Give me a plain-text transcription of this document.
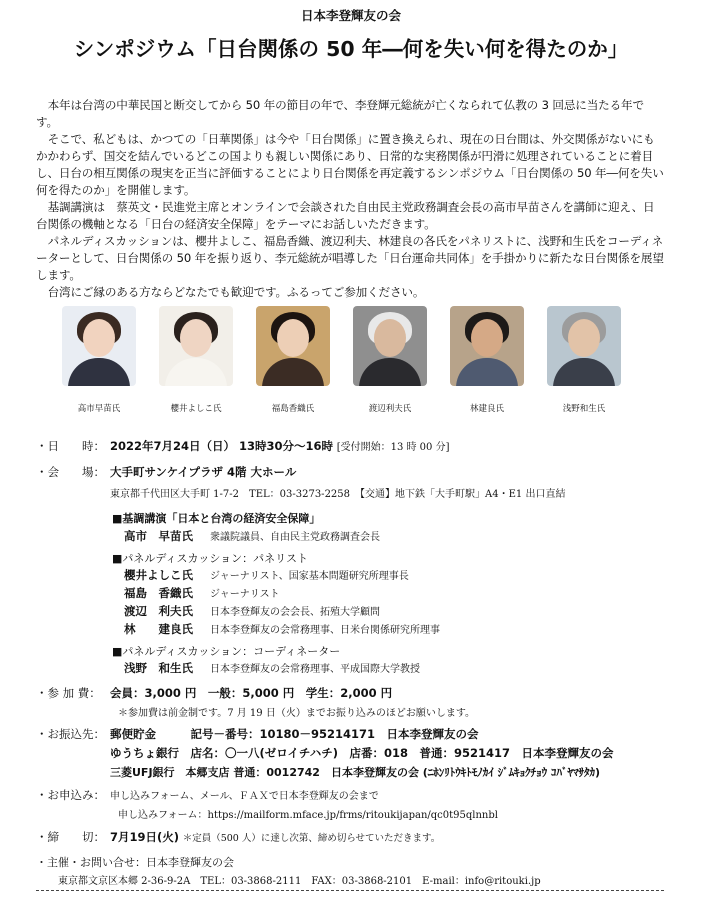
日本李登輝友の会
シンポジウム「日台関係の 50 年―何を失い何を得たのか」

本年は台湾の中華民国と断交してから 50 年の節目の年で、李登輝元総統が亡くなられて仏教の 3 回忌に当たる年です。

そこで、私どもは、かつての「日華関係」は今や「日台関係」に置き換えられ、現在の日台間は、外交関係がないにもかかわらず、国交を結んでいるどこの国よりも親しい関係にあり、日常的な実務関係が円滑に処理されていることに着目し、日台の相互関係の現実を正当に評価することにより日台関係を再定義するシンポジウム「日台関係の 50 年―何を失い何を得たのか」を開催します。

基調講演は　蔡英文・民進党主席とオンラインで会談された自由民主党政務調査会長の高市早苗さんを講師に迎え、日台関係の機軸となる「日台の経済安全保障」をテーマにお話しいただきます。

パネルディスカッションは、櫻井よしこ、福島香織、渡辺利夫、林建良の各氏をパネリストに、浅野和生氏をコーディネーターとして、日台関係の 50 年を振り返り、李元総統が唱導した「日台運命共同体」を手掛かりに新たな日台関係を展望します。

台湾にご縁のある方ならどなたでも歓迎です。ふるってご参加ください。

高市早苗氏	櫻井よしこ氏	福島香織氏	渡辺利夫氏	林建良氏	浅野和生氏
・日　　時： 2022年7月24日（日） 13時30分～16時 [受付開始：13 時 00 分]
・会　　場： 大手町サンケイプラザ 4階 大ホール
東京都千代田区大手町 1-7-2　TEL：03-3273-2258　【交通】地下鉄「大手町駅」A4・E1 出口直結
■基調講演「日本と台湾の経済安全保障」
高市　早苗氏 衆議院議員、自由民主党政務調査会長
■パネルディスカッション：パネリスト
櫻井よしこ氏 ジャーナリスト、国家基本問題研究所理事長
福島　香織氏 ジャーナリスト
渡辺　利夫氏 日本李登輝友の会会長、拓殖大学顧問
林　　建良氏 日本李登輝友の会常務理事、日米台関係研究所理事
■パネルディスカッション：コーディネーター
浅野　和生氏 日本李登輝友の会常務理事、平成国際大学教授
・参 加 費： 会員：3,000 円　一般：5,000 円　学生：2,000 円
＊参加費は前金制です。7 月 19 日（火）までお振り込みのほどお願いします。
・お振込先： 郵便貯金　　　記号－番号：10180－95214171　日本李登輝友の会
ゆうちょ銀行　店名：〇一八(ゼロイチハチ)　店番：018　普通：9521417　日本李登輝友の会
三菱UFJ銀行　本郷支店 普通：0012742　日本李登輝友の会 (ﾆﾎﾝﾘﾄｳｷﾄﾓﾉｶｲ ｼﾞﾑｷｮｸﾁｮｳ ｺﾊﾞﾔﾏｻﾀｶ)
・お申込み： 申し込みフォーム、メール、ＦＡＸで日本李登輝友の会まで
申し込みフォーム：https://mailform.mface.jp/frms/ritoukijapan/qc0t95qlnnbl
・締　　切： 7月19日(火) ＊定員（500 人）に達し次第、締め切らせていただきます。
・主催・お問い合せ：日本李登輝友の会
東京都文京区本郷 2-36-9-2A　TEL：03-3868-2111　FAX：03-3868-2101　E-mail：info@ritouki.jp
